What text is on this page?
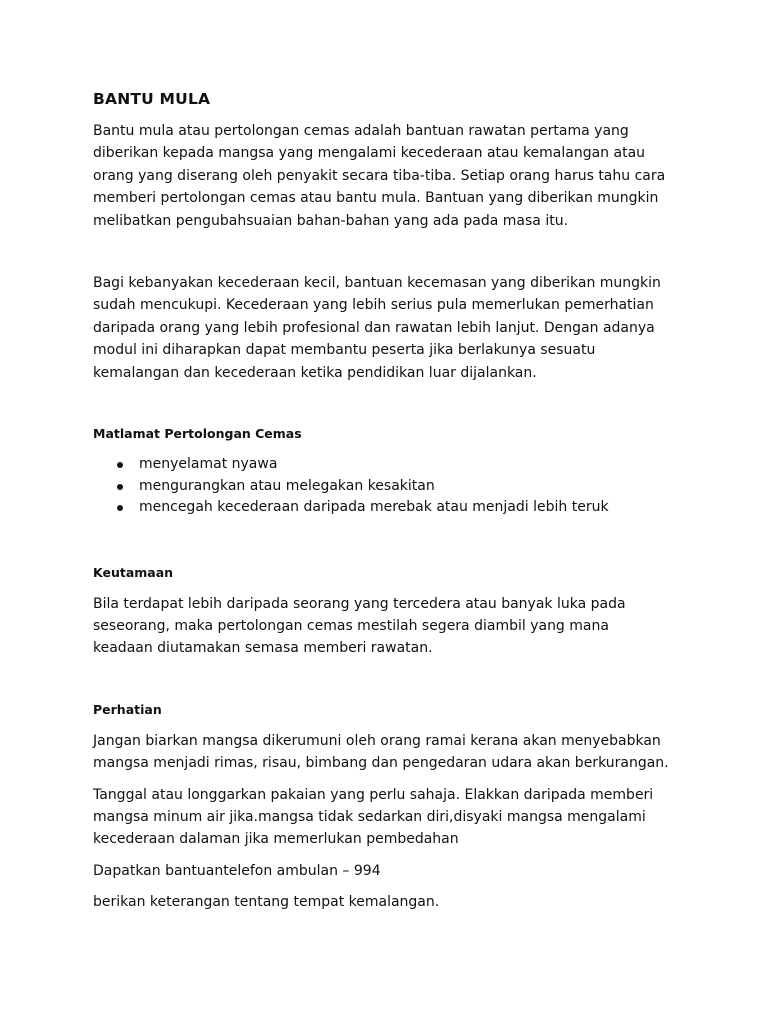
BANTU MULA

Bantu mula atau pertolongan cemas adalah bantuan rawatan pertama yang diberikan kepada mangsa yang mengalami kecederaan atau kemalangan atau orang yang diserang oleh penyakit secara tiba-tiba. Setiap orang harus tahu cara memberi pertolongan cemas atau bantu mula. Bantuan yang diberikan mungkin melibatkan pengubahsuaian bahan-bahan yang ada pada masa itu.

Bagi kebanyakan kecederaan kecil, bantuan kecemasan yang diberikan mungkin sudah mencukupi. Kecederaan yang lebih serius pula memerlukan pemerhatian daripada orang yang lebih profesional dan rawatan lebih lanjut. Dengan adanya modul ini diharapkan dapat membantu peserta jika berlakunya sesuatu kemalangan dan kecederaan ketika pendidikan luar dijalankan.

Matlamat Pertolongan Cemas
menyelamat nyawa
mengurangkan atau melegakan kesakitan
mencegah kecederaan daripada merebak atau menjadi lebih teruk
Keutamaan

Bila terdapat lebih daripada seorang yang tercedera atau banyak luka pada seseorang, maka pertolongan cemas mestilah segera diambil yang mana keadaan diutamakan semasa memberi rawatan.

Perhatian

Jangan biarkan mangsa dikerumuni oleh orang ramai kerana akan menyebabkan mangsa menjadi rimas, risau, bimbang dan pengedaran udara akan berkurangan.

Tanggal atau longgarkan pakaian yang perlu sahaja. Elakkan daripada memberi mangsa minum air jika.mangsa tidak sedarkan diri,disyaki mangsa mengalami kecederaan dalaman jika memerlukan pembedahan

Dapatkan bantuantelefon ambulan – 994

berikan keterangan tentang tempat kemalangan.
